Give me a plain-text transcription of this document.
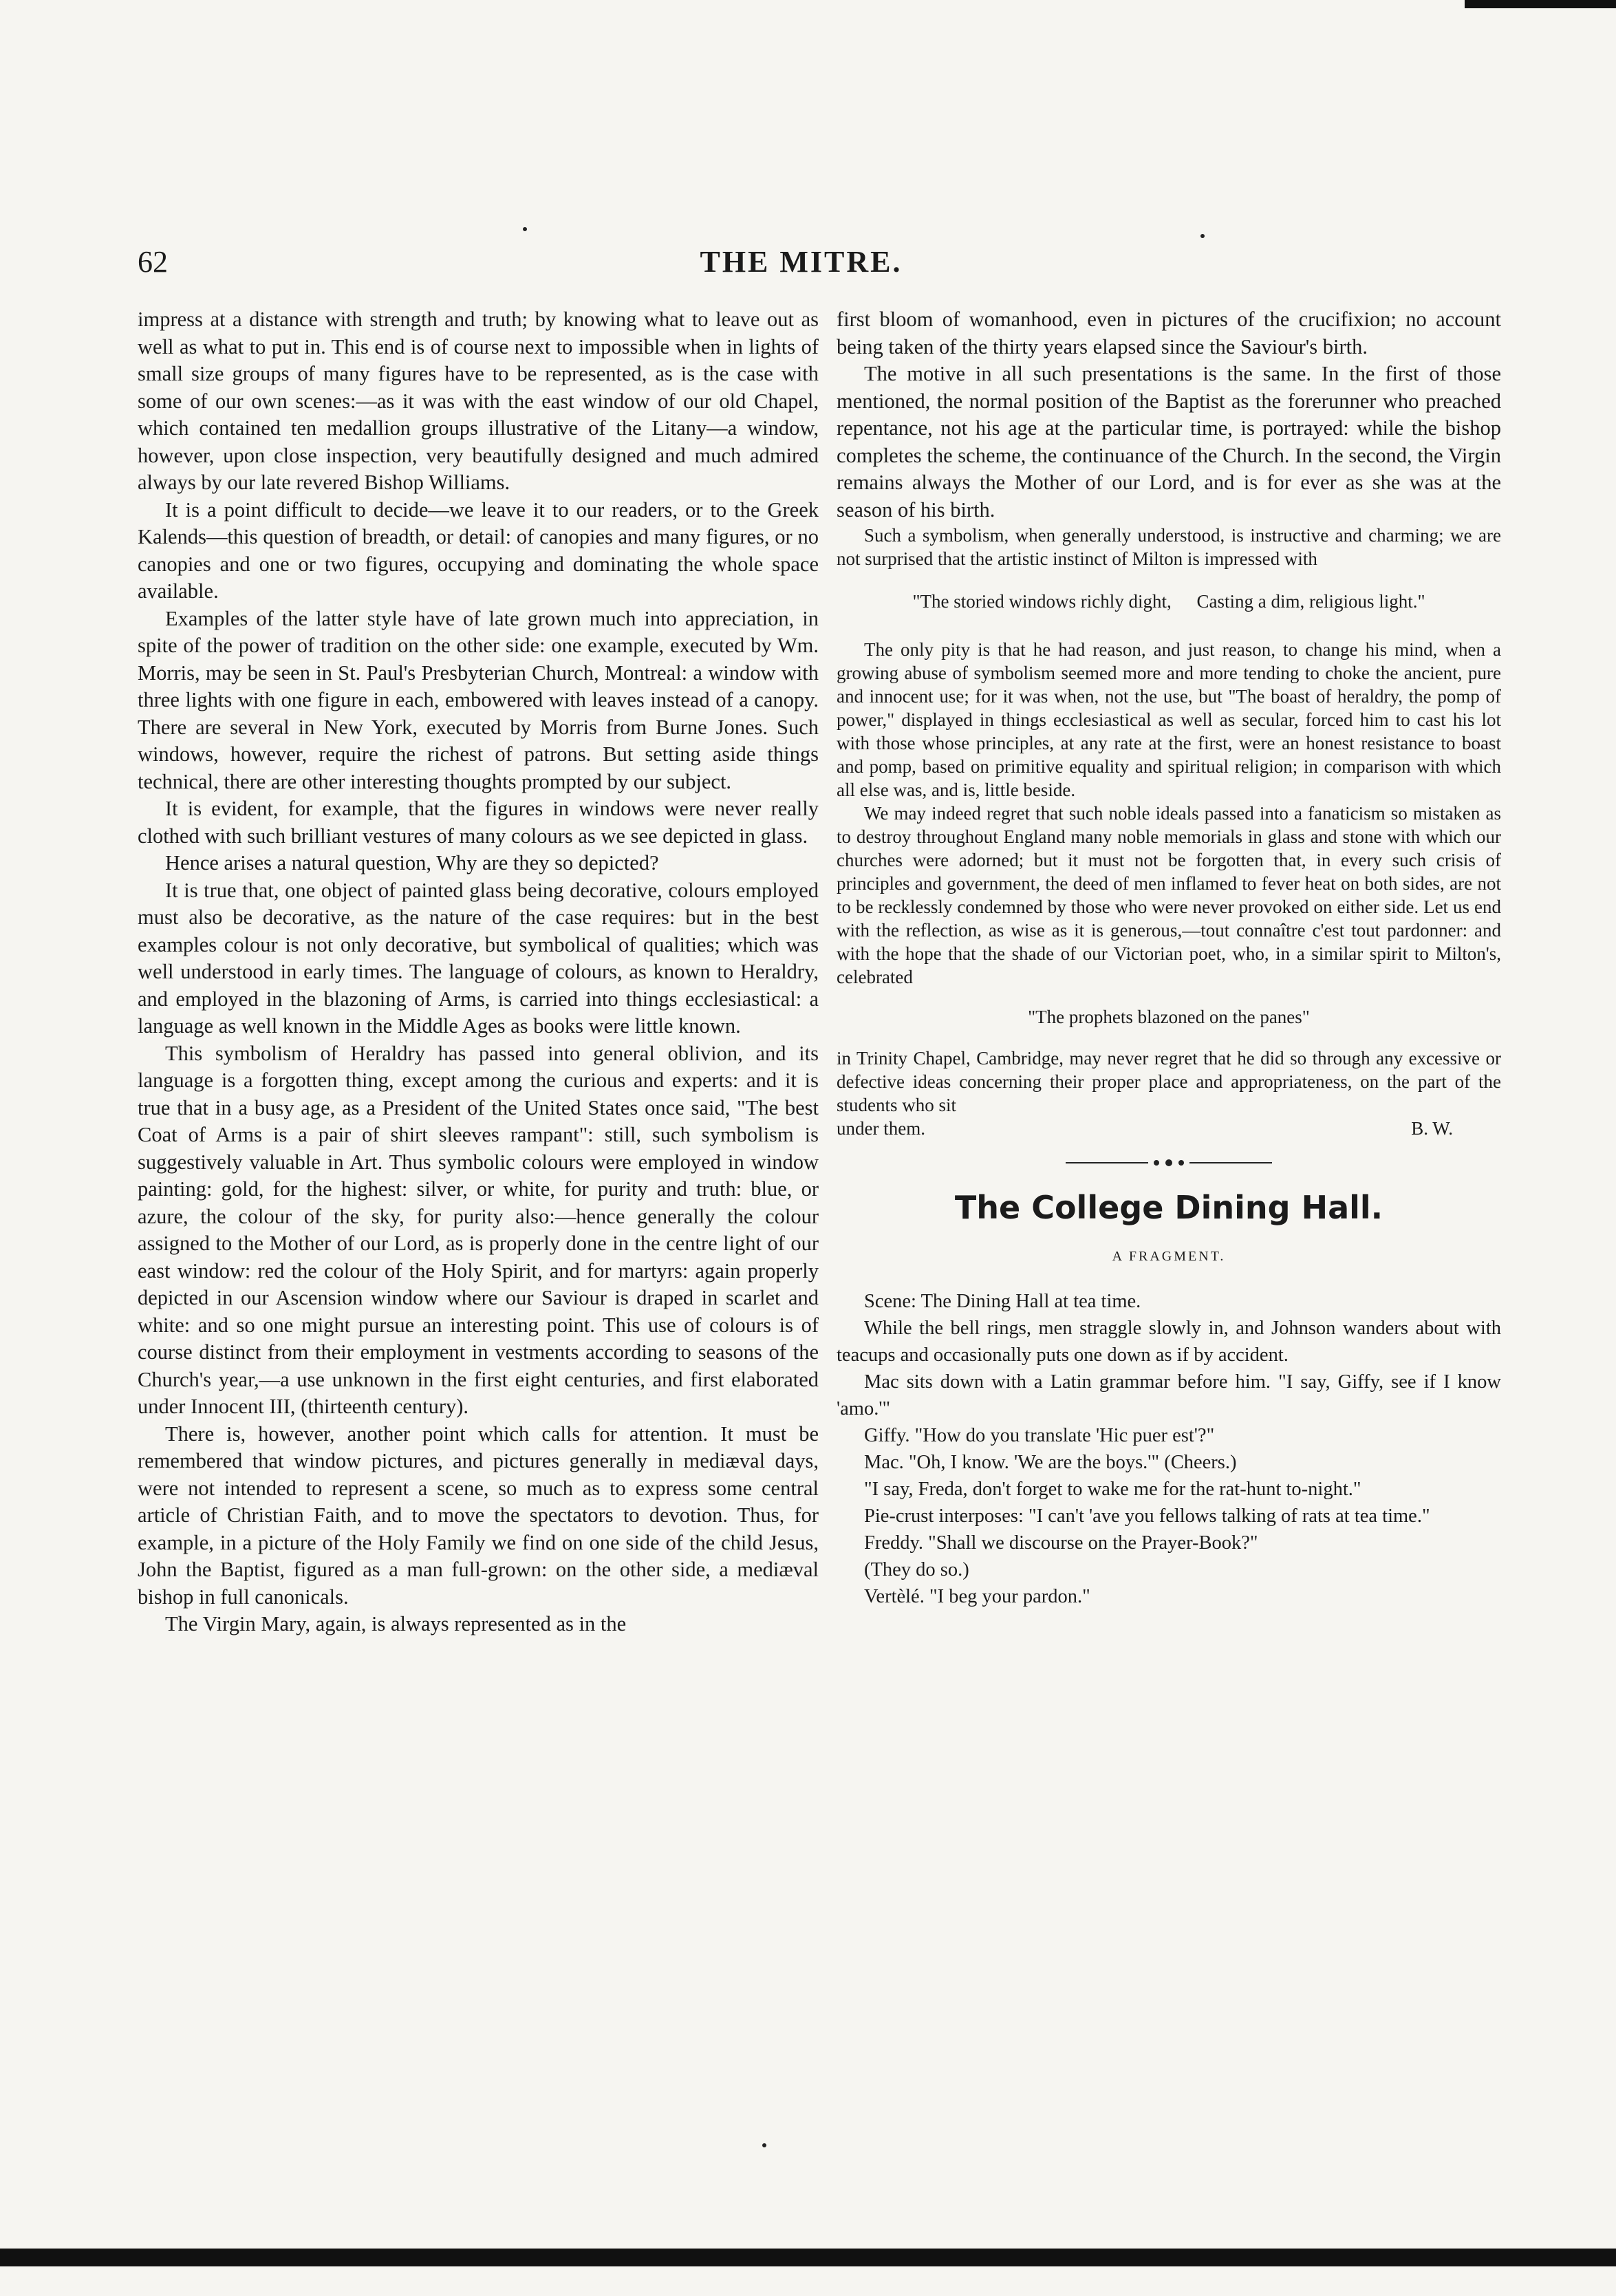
62	THE MITRE.

impress at a distance with strength and truth; by knowing what to leave out as well as what to put in. This end is of course next to impossible when in lights of small size groups of many figures have to be represented, as is the case with some of our own scenes:—as it was with the east window of our old Chapel, which contained ten medallion groups illustrative of the Litany—a window, however, upon close inspection, very beautifully designed and much admired always by our late revered Bishop Williams.

It is a point difficult to decide—we leave it to our readers, or to the Greek Kalends—this question of breadth, or detail: of canopies and many figures, or no canopies and one or two figures, occupying and dominating the whole space available.

Examples of the latter style have of late grown much into appreciation, in spite of the power of tradition on the other side: one example, executed by Wm. Morris, may be seen in St. Paul's Presbyterian Church, Montreal: a window with three lights with one figure in each, embowered with leaves instead of a canopy. There are several in New York, executed by Morris from Burne Jones. Such windows, however, require the richest of patrons. But setting aside things technical, there are other interesting thoughts prompted by our subject.

It is evident, for example, that the figures in windows were never really clothed with such brilliant vestures of many colours as we see depicted in glass.

Hence arises a natural question, Why are they so depicted?

It is true that, one object of painted glass being decorative, colours employed must also be decorative, as the nature of the case requires: but in the best examples colour is not only decorative, but symbolical of qualities; which was well understood in early times. The language of colours, as known to Heraldry, and employed in the blazoning of Arms, is carried into things ecclesiastical: a language as well known in the Middle Ages as books were little known.

This symbolism of Heraldry has passed into general oblivion, and its language is a forgotten thing, except among the curious and experts: and it is true that in a busy age, as a President of the United States once said, "The best Coat of Arms is a pair of shirt sleeves rampant": still, such symbolism is suggestively valuable in Art. Thus symbolic colours were employed in window painting: gold, for the highest: silver, or white, for purity and truth: blue, or azure, the colour of the sky, for purity also:—hence generally the colour assigned to the Mother of our Lord, as is properly done in the centre light of our east window: red the colour of the Holy Spirit, and for martyrs: again properly depicted in our Ascension window where our Saviour is draped in scarlet and white: and so one might pursue an interesting point. This use of colours is of course distinct from their employment in vestments according to seasons of the Church's year,—a use unknown in the first eight centuries, and first elaborated under Innocent III, (thirteenth century).

There is, however, another point which calls for attention. It must be remembered that window pictures, and pictures generally in mediæval days, were not intended to represent a scene, so much as to express some central article of Christian Faith, and to move the spectators to devotion. Thus, for example, in a picture of the Holy Family we find on one side of the child Jesus, John the Baptist, figured as a man full-grown: on the other side, a mediæval bishop in full canonicals.

The Virgin Mary, again, is always represented as in the

first bloom of womanhood, even in pictures of the crucifixion; no account being taken of the thirty years elapsed since the Saviour's birth.

The motive in all such presentations is the same. In the first of those mentioned, the normal position of the Baptist as the forerunner who preached repentance, not his age at the particular time, is portrayed: while the bishop completes the scheme, the continuance of the Church. In the second, the Virgin remains always the Mother of our Lord, and is for ever as she was at the season of his birth.

Such a symbolism, when generally understood, is instructive and charming; we are not surprised that the artistic instinct of Milton is impressed with

"The storied windows richly dight, Casting a dim, religious light."

The only pity is that he had reason, and just reason, to change his mind, when a growing abuse of symbolism seemed more and more tending to choke the ancient, pure and innocent use; for it was when, not the use, but "The boast of heraldry, the pomp of power," displayed in things ecclesiastical as well as secular, forced him to cast his lot with those whose principles, at any rate at the first, were an honest resistance to boast and pomp, based on primitive equality and spiritual religion; in comparison with which all else was, and is, little beside.

We may indeed regret that such noble ideals passed into a fanaticism so mistaken as to destroy throughout England many noble memorials in glass and stone with which our churches were adorned; but it must not be forgotten that, in every such crisis of principles and government, the deed of men inflamed to fever heat on both sides, are not to be recklessly condemned by those who were never provoked on either side. Let us end with the reflection, as wise as it is generous,—tout connaître c'est tout pardonner: and with the hope that the shade of our Victorian poet, who, in a similar spirit to Milton's, celebrated

"The prophets blazoned on the panes"

in Trinity Chapel, Cambridge, may never regret that he did so through any excessive or defective ideas concerning their proper place and appropriateness, on the part of the students who sit

under them.	B. W.

The College Dining Hall.
A FRAGMENT.

Scene: The Dining Hall at tea time.

While the bell rings, men straggle slowly in, and Johnson wanders about with teacups and occasionally puts one down as if by accident.

Mac sits down with a Latin grammar before him. "I say, Giffy, see if I know 'amo.'"

Giffy. "How do you translate 'Hic puer est'?"

Mac. "Oh, I know. 'We are the boys.'" (Cheers.)

"I say, Freda, don't forget to wake me for the rat-hunt to-night."

Pie-crust interposes: "I can't 'ave you fellows talking of rats at tea time."

Freddy. "Shall we discourse on the Prayer-Book?"

(They do so.)

Vertèlé. "I beg your pardon."
